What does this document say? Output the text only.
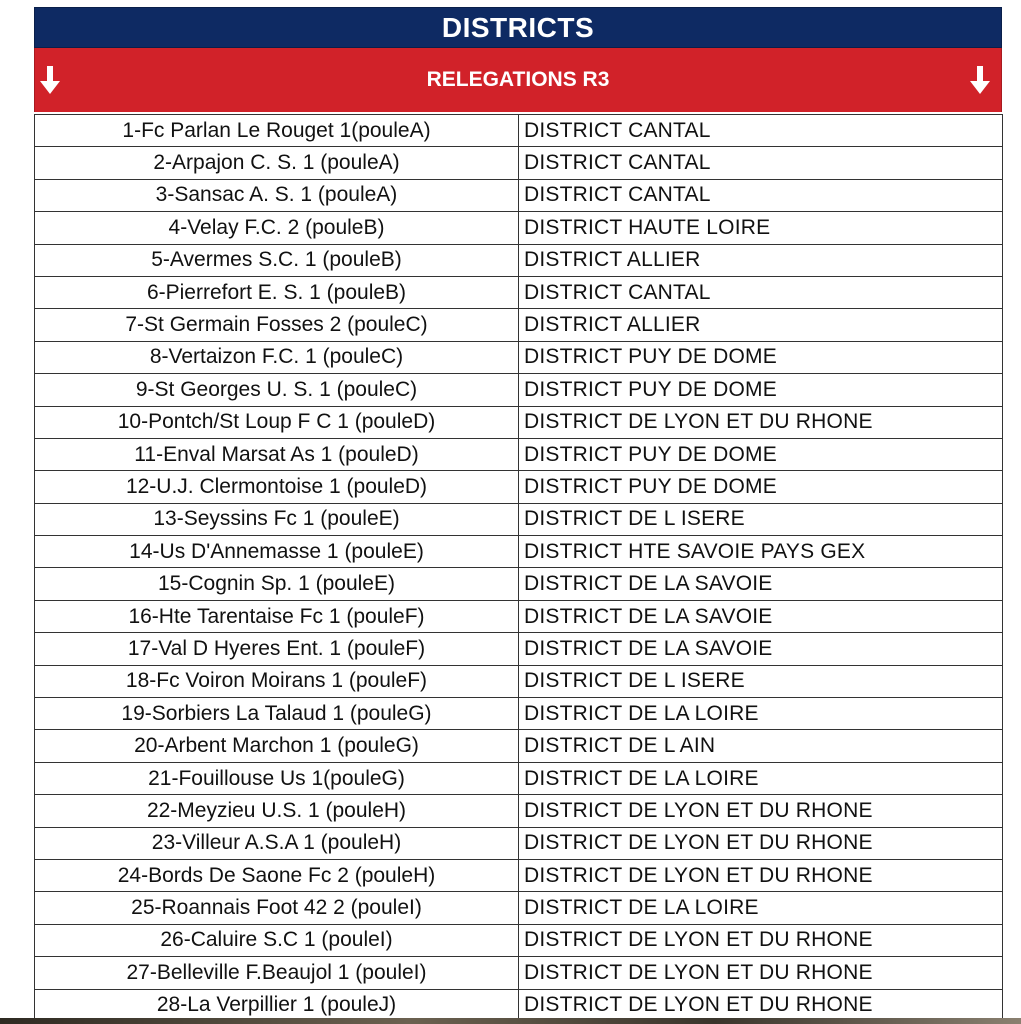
DISTRICTS
RELEGATIONS R3
1-Fc Parlan Le Rouget 1(pouleA)	DISTRICT CANTAL
2-Arpajon C. S. 1 (pouleA)	DISTRICT CANTAL
3-Sansac A. S. 1 (pouleA)	DISTRICT CANTAL
4-Velay F.C. 2 (pouleB)	DISTRICT HAUTE LOIRE
5-Avermes S.C. 1 (pouleB)	DISTRICT ALLIER
6-Pierrefort E. S. 1 (pouleB)	DISTRICT CANTAL
7-St Germain Fosses 2 (pouleC)	DISTRICT ALLIER
8-Vertaizon F.C. 1 (pouleC)	DISTRICT PUY DE DOME
9-St Georges U. S. 1 (pouleC)	DISTRICT PUY DE DOME
10-Pontch/St Loup F C 1 (pouleD)	DISTRICT DE LYON ET DU RHONE
11-Enval Marsat As 1 (pouleD)	DISTRICT PUY DE DOME
12-U.J. Clermontoise 1 (pouleD)	DISTRICT PUY DE DOME
13-Seyssins Fc 1 (pouleE)	DISTRICT DE L ISERE
14-Us D'Annemasse 1 (pouleE)	DISTRICT HTE SAVOIE PAYS GEX
15-Cognin Sp. 1 (pouleE)	DISTRICT DE LA SAVOIE
16-Hte Tarentaise Fc 1 (pouleF)	DISTRICT DE LA SAVOIE
17-Val D Hyeres Ent. 1 (pouleF)	DISTRICT DE LA SAVOIE
18-Fc Voiron Moirans 1 (pouleF)	DISTRICT DE L ISERE
19-Sorbiers La Talaud 1 (pouleG)	DISTRICT DE LA LOIRE
20-Arbent Marchon 1 (pouleG)	DISTRICT DE L AIN
21-Fouillouse Us 1(pouleG)	DISTRICT DE LA LOIRE
22-Meyzieu U.S. 1 (pouleH)	DISTRICT DE LYON ET DU RHONE
23-Villeur A.S.A 1 (pouleH)	DISTRICT DE LYON ET DU RHONE
24-Bords De Saone Fc 2 (pouleH)	DISTRICT DE LYON ET DU RHONE
25-Roannais Foot 42 2 (pouleI)	DISTRICT DE LA LOIRE
26-Caluire S.C 1 (pouleI)	DISTRICT DE LYON ET DU RHONE
27-Belleville F.Beaujol 1 (pouleI)	DISTRICT DE LYON ET DU RHONE
28-La Verpillier 1 (pouleJ)	DISTRICT DE LYON ET DU RHONE
